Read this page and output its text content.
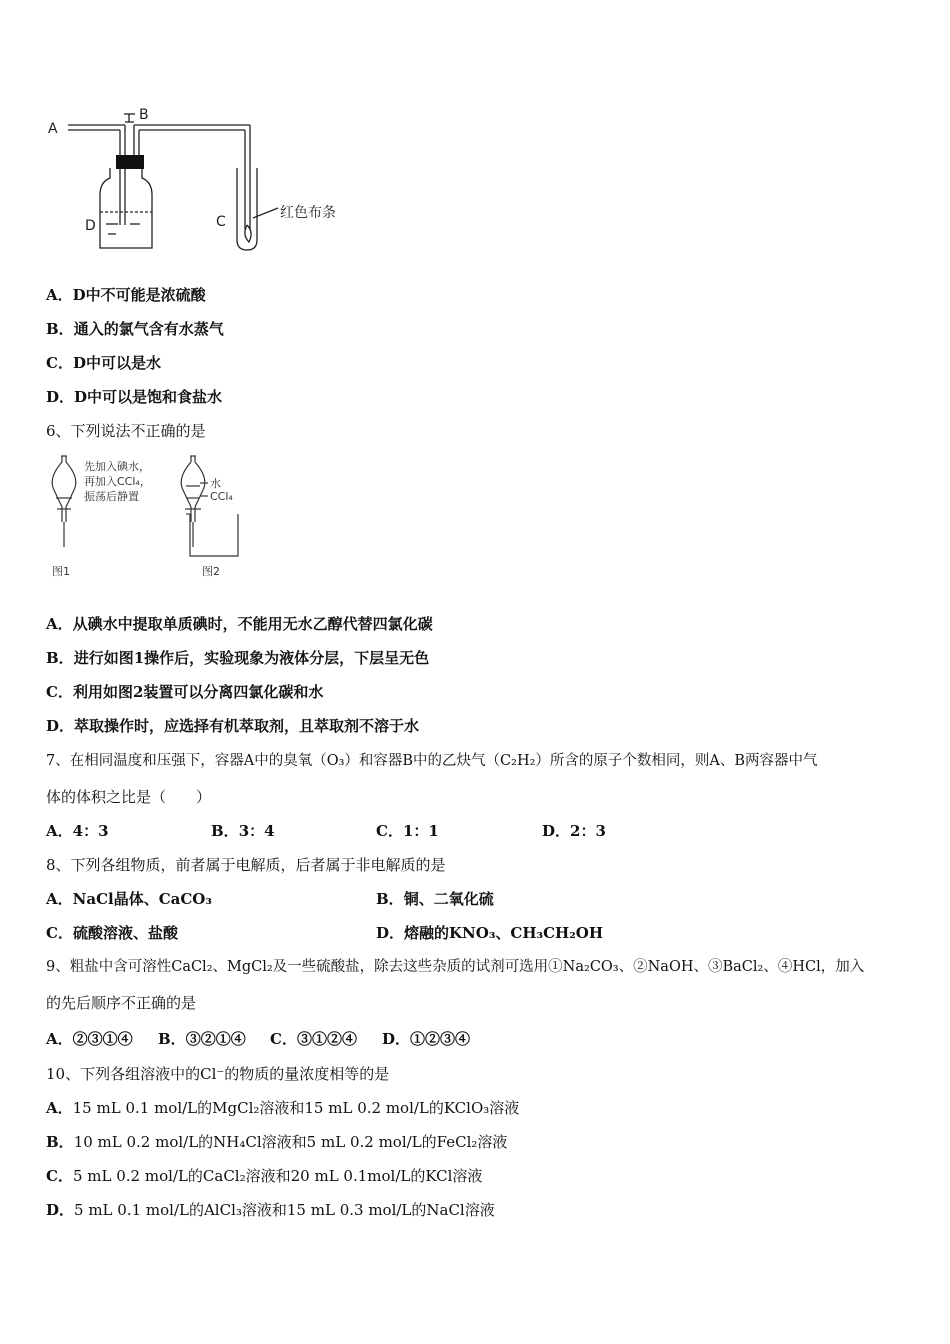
A
B
D	C
红色布条
A．D中不可能是浓硫酸
B．通入的氯气含有水蒸气
C．D中可以是水
D．D中可以是饱和食盐水
6、下列说法不正确的是
先加入碘水，
再加入CCl₄，
振荡后静置
水
CCl₄
图1	图2
A．从碘水中提取单质碘时，不能用无水乙醇代替四氯化碳
B．进行如图1操作后，实验现象为液体分层，下层呈无色
C．利用如图2装置可以分离四氯化碳和水
D．萃取操作时，应选择有机萃取剂，且萃取剂不溶于水
7、在相同温度和压强下，容器A中的臭氧（O₃）和容器B中的乙炔气（C₂H₂）所含的原子个数相同，则A、B两容器中气
体的体积之比是（　　）
A．4：3	B．3：4	C．1：1	D．2：3
8、下列各组物质，前者属于电解质，后者属于非电解质的是
A．NaCl晶体、CaCO₃	B．铜、二氧化硫
C．硫酸溶液、盐酸	D．熔融的KNO₃、CH₃CH₂OH
9、粗盐中含可溶性CaCl₂、MgCl₂及一些硫酸盐，除去这些杂质的试剂可选用①Na₂CO₃、②NaOH、③BaCl₂、④HCl，加入
的先后顺序不正确的是
A．②③①④ B．③②①④ C．③①②④ D．①②③④
10、下列各组溶液中的Cl⁻的物质的量浓度相等的是
A．15 mL 0.1 mol/L的MgCl₂溶液和15 mL 0.2 mol/L的KClO₃溶液
B．10 mL 0.2 mol/L的NH₄Cl溶液和5 mL 0.2 mol/L的FeCl₂溶液
C．5 mL 0.2 mol/L的CaCl₂溶液和20 mL 0.1mol/L的KCl溶液
D．5 mL 0.1 mol/L的AlCl₃溶液和15 mL 0.3 mol/L的NaCl溶液
